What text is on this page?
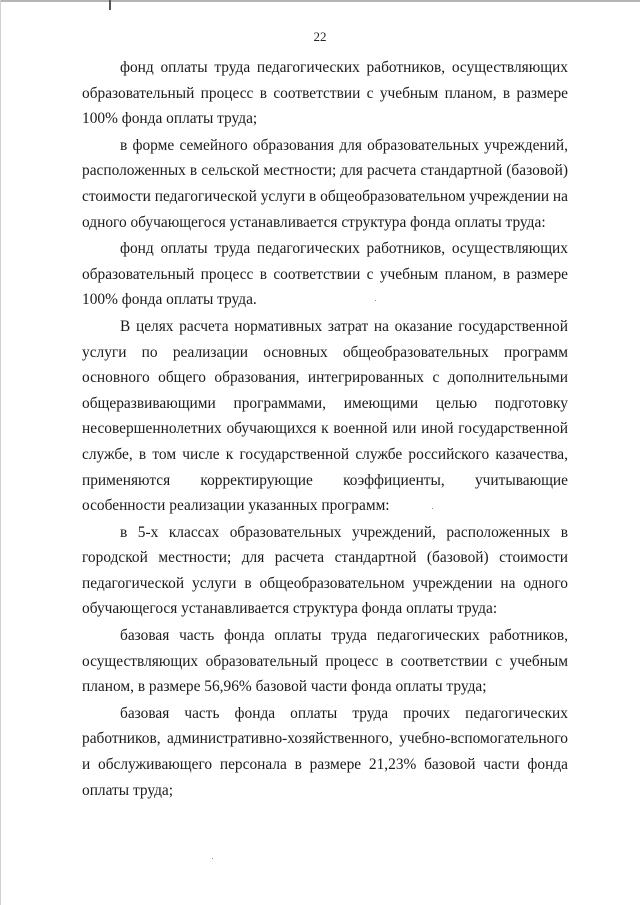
22

фонд оплаты труда педагогических работников, осуществляющих образовательный процесс в соответствии с учебным планом, в размере 100% фонда оплаты труда;

в форме семейного образования для образовательных учреждений, расположенных в сельской местности; для расчета стандартной (базовой) стоимости педагогической услуги в общеобразовательном учреждении на одного обучающегося устанавливается структура фонда оплаты труда:

фонд оплаты труда педагогических работников, осуществляющих образовательный процесс в соответствии с учебным планом, в размере 100% фонда оплаты труда.

В целях расчета нормативных затрат на оказание государственной услуги по реализации основных общеобразовательных программ основного общего образования, интегрированных с дополнительными общеразвивающими программами, имеющими целью подготовку несовершеннолетних обучающихся к военной или иной государственной службе, в том числе к государственной службе российского казачества, применяются корректирующие коэффициенты, учитывающие особенности реализации указанных программ:

в 5-х классах образовательных учреждений, расположенных в городской местности; для расчета стандартной (базовой) стоимости педагогической услуги в общеобразовательном учреждении на одного обучающегося устанавливается структура фонда оплаты труда:

базовая часть фонда оплаты труда педагогических работников, осуществляющих образовательный процесс в соответствии с учебным планом, в размере 56,96% базовой части фонда оплаты труда;

базовая часть фонда оплаты труда прочих педагогических работников, административно-хозяйственного, учебно-вспомогательного и обслуживающего персонала в размере 21,23% базовой части фонда оплаты труда;
